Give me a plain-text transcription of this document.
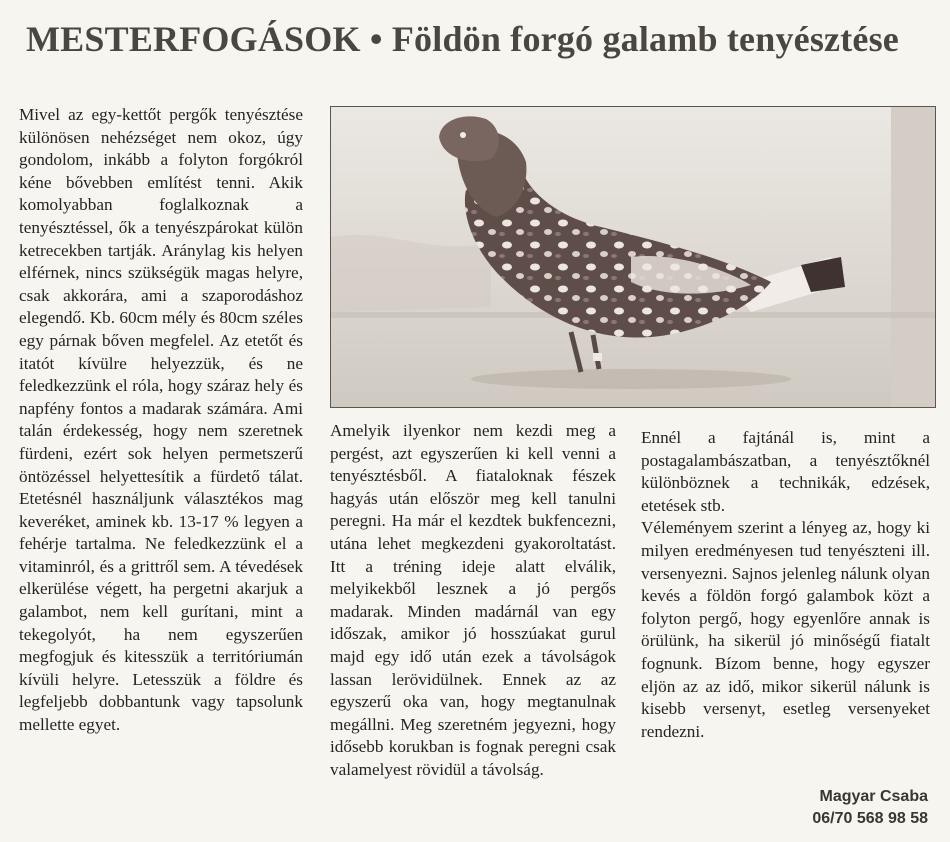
MESTERFOGÁSOK • Földön forgó galamb tenyésztése

Mivel az egy-kettőt pergők tenyésztése különösen nehézséget nem okoz, úgy gondolom, inkább a folyton forgókról kéne bővebben említést tenni. Akik komolyabban foglalkoznak a tenyésztéssel, ők a tenyészpárokat külön ketrecekben tartják. Aránylag kis helyen elférnek, nincs szükségük magas helyre, csak akkorára, ami a szaporodáshoz elegendő. Kb. 60cm mély és 80cm széles egy párnak bőven megfelel. Az etetőt és itatót kívülre helyezzük, és ne feledkezzünk el róla, hogy száraz hely és napfény fontos a madarak számára. Ami talán érdekesség, hogy nem szeretnek fürdeni, ezért sok helyen permetszerű öntözéssel helyettesítik a fürdető tálat. Etetésnél használjunk választékos mag keveréket, aminek kb. 13-17 % legyen a fehérje tartalma. Ne feledkezzünk el a vitaminról, és a grittről sem. A tévedések elkerülése végett, ha pergetni akarjuk a galambot, nem kell gurítani, mint a tekegolyót, ha nem egyszerűen megfogjuk és kitesszük a territóriumán kívüli helyre. Letesszük a földre és legfeljebb dobbantunk vagy tapsolunk mellette egyet.

Amelyik ilyenkor nem kezdi meg a pergést, azt egyszerűen ki kell venni a tenyésztésből. A fiataloknak fészek hagyás után először meg kell tanulni peregni. Ha már el kezdtek bukfencezni, utána lehet megkezdeni gyakoroltatást. Itt a tréning ideje alatt elválik, melyikekből lesznek a jó pergős madarak. Minden madárnál van egy időszak, amikor jó hosszúakat gurul majd egy idő után ezek a távolságok lassan lerövidülnek. Ennek az az egyszerű oka van, hogy megtanulnak megállni. Meg szeretném jegyezni, hogy idősebb korukban is fognak peregni csak valamelyest rövidül a távolság.

Ennél a fajtánál is, mint a postagalambászatban, a tenyésztőknél különböznek a technikák, edzések, etetések stb.

Véleményem szerint a lényeg az, hogy ki milyen eredményesen tud tenyészteni ill. versenyezni. Sajnos jelenleg nálunk olyan kevés a földön forgó galambok közt a folyton pergő, hogy egyenlőre annak is örülünk, ha sikerül jó minőségű fiatalt fognunk. Bízom benne, hogy egyszer eljön az az idő, mikor sikerül nálunk is kisebb versenyt, esetleg versenyeket rendezni.

Magyar Csaba
06/70 568 98 58
